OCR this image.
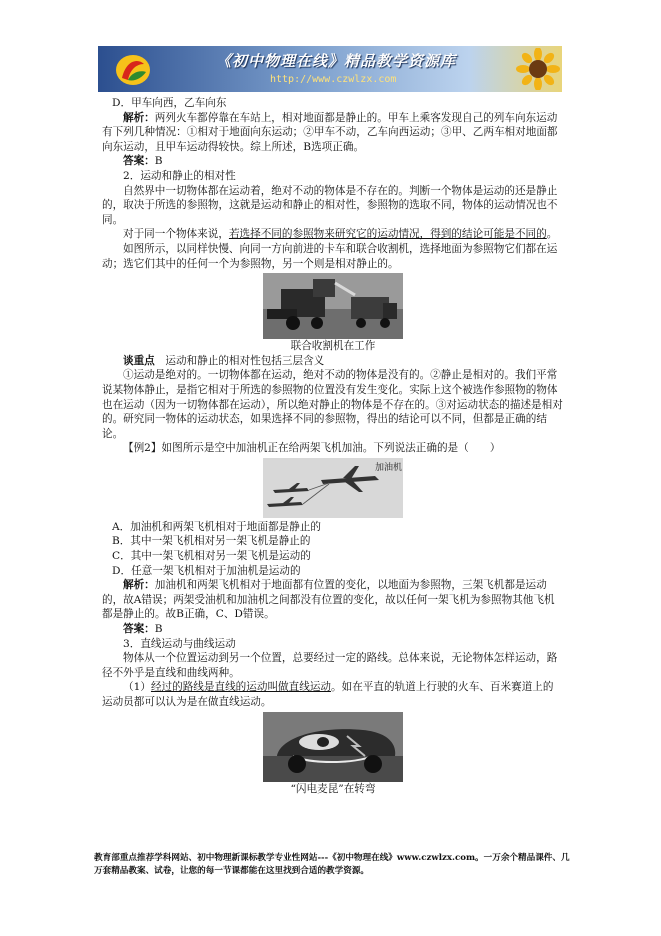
《初中物理在线》精品教学资源库
http://www.czwlzx.com

D．甲车向西，乙车向东

解析：两列火车都停靠在车站上，相对地面都是静止的。甲车上乘客发现自己的列车向东运动有下列几种情况：①相对于地面向东运动；②甲车不动，乙车向西运动；③甲、乙两车相对地面都向东运动，且甲车运动得较快。综上所述，B选项正确。

答案：B

2．运动和静止的相对性

自然界中一切物体都在运动着，绝对不动的物体是不存在的。判断一个物体是运动的还是静止的，取决于所选的参照物，这就是运动和静止的相对性，参照物的选取不同，物体的运动情况也不同。

对于同一个物体来说，若选择不同的参照物来研究它的运动情况，得到的结论可能是不同的。

如图所示，以同样快慢、向同一方向前进的卡车和联合收割机，选择地面为参照物它们都在运动；选它们其中的任何一个为参照物，另一个则是相对静止的。

联合收割机在工作

谈重点　 运动和静止的相对性包括三层含义

①运动是绝对的。一切物体都在运动，绝对不动的物体是没有的。②静止是相对的。我们平常说某物体静止，是指它相对于所选的参照物的位置没有发生变化。实际上这个被选作参照物的物体也在运动（因为一切物体都在运动），所以绝对静止的物体是不存在的。③对运动状态的描述是相对的。研究同一物体的运动状态，如果选择不同的参照物，得出的结论可以不同，但都是正确的结论。

【例2】如图所示是空中加油机正在给两架飞机加油。下列说法正确的是（　　）

加油机

A．加油机和两架飞机相对于地面都是静止的

B．其中一架飞机相对另一架飞机是静止的

C．其中一架飞机相对另一架飞机是运动的

D．任意一架飞机相对于加油机是运动的

解析：加油机和两架飞机相对于地面都有位置的变化，以地面为参照物，三架飞机都是运动的，故A错误；两架受油机和加油机之间都没有位置的变化，故以任何一架飞机为参照物其他飞机都是静止的。故B正确，C、D错误。

答案：B

3．直线运动与曲线运动

物体从一个位置运动到另一个位置，总要经过一定的路线。总体来说，无论物体怎样运动，路径不外乎是直线和曲线两种。

（1）经过的路线是直线的运动叫做直线运动。如在平直的轨道上行驶的火车、百米赛道上的运动员都可以认为是在做直线运动。

“闪电麦昆”在转弯

教育部重点推荐学科网站、初中物理新课标教学专业性网站---《初中物理在线》www.czwlzx.com。一万余个精品课件、几万套精品教案、试卷，让您的每一节课都能在这里找到合适的教学资源。
